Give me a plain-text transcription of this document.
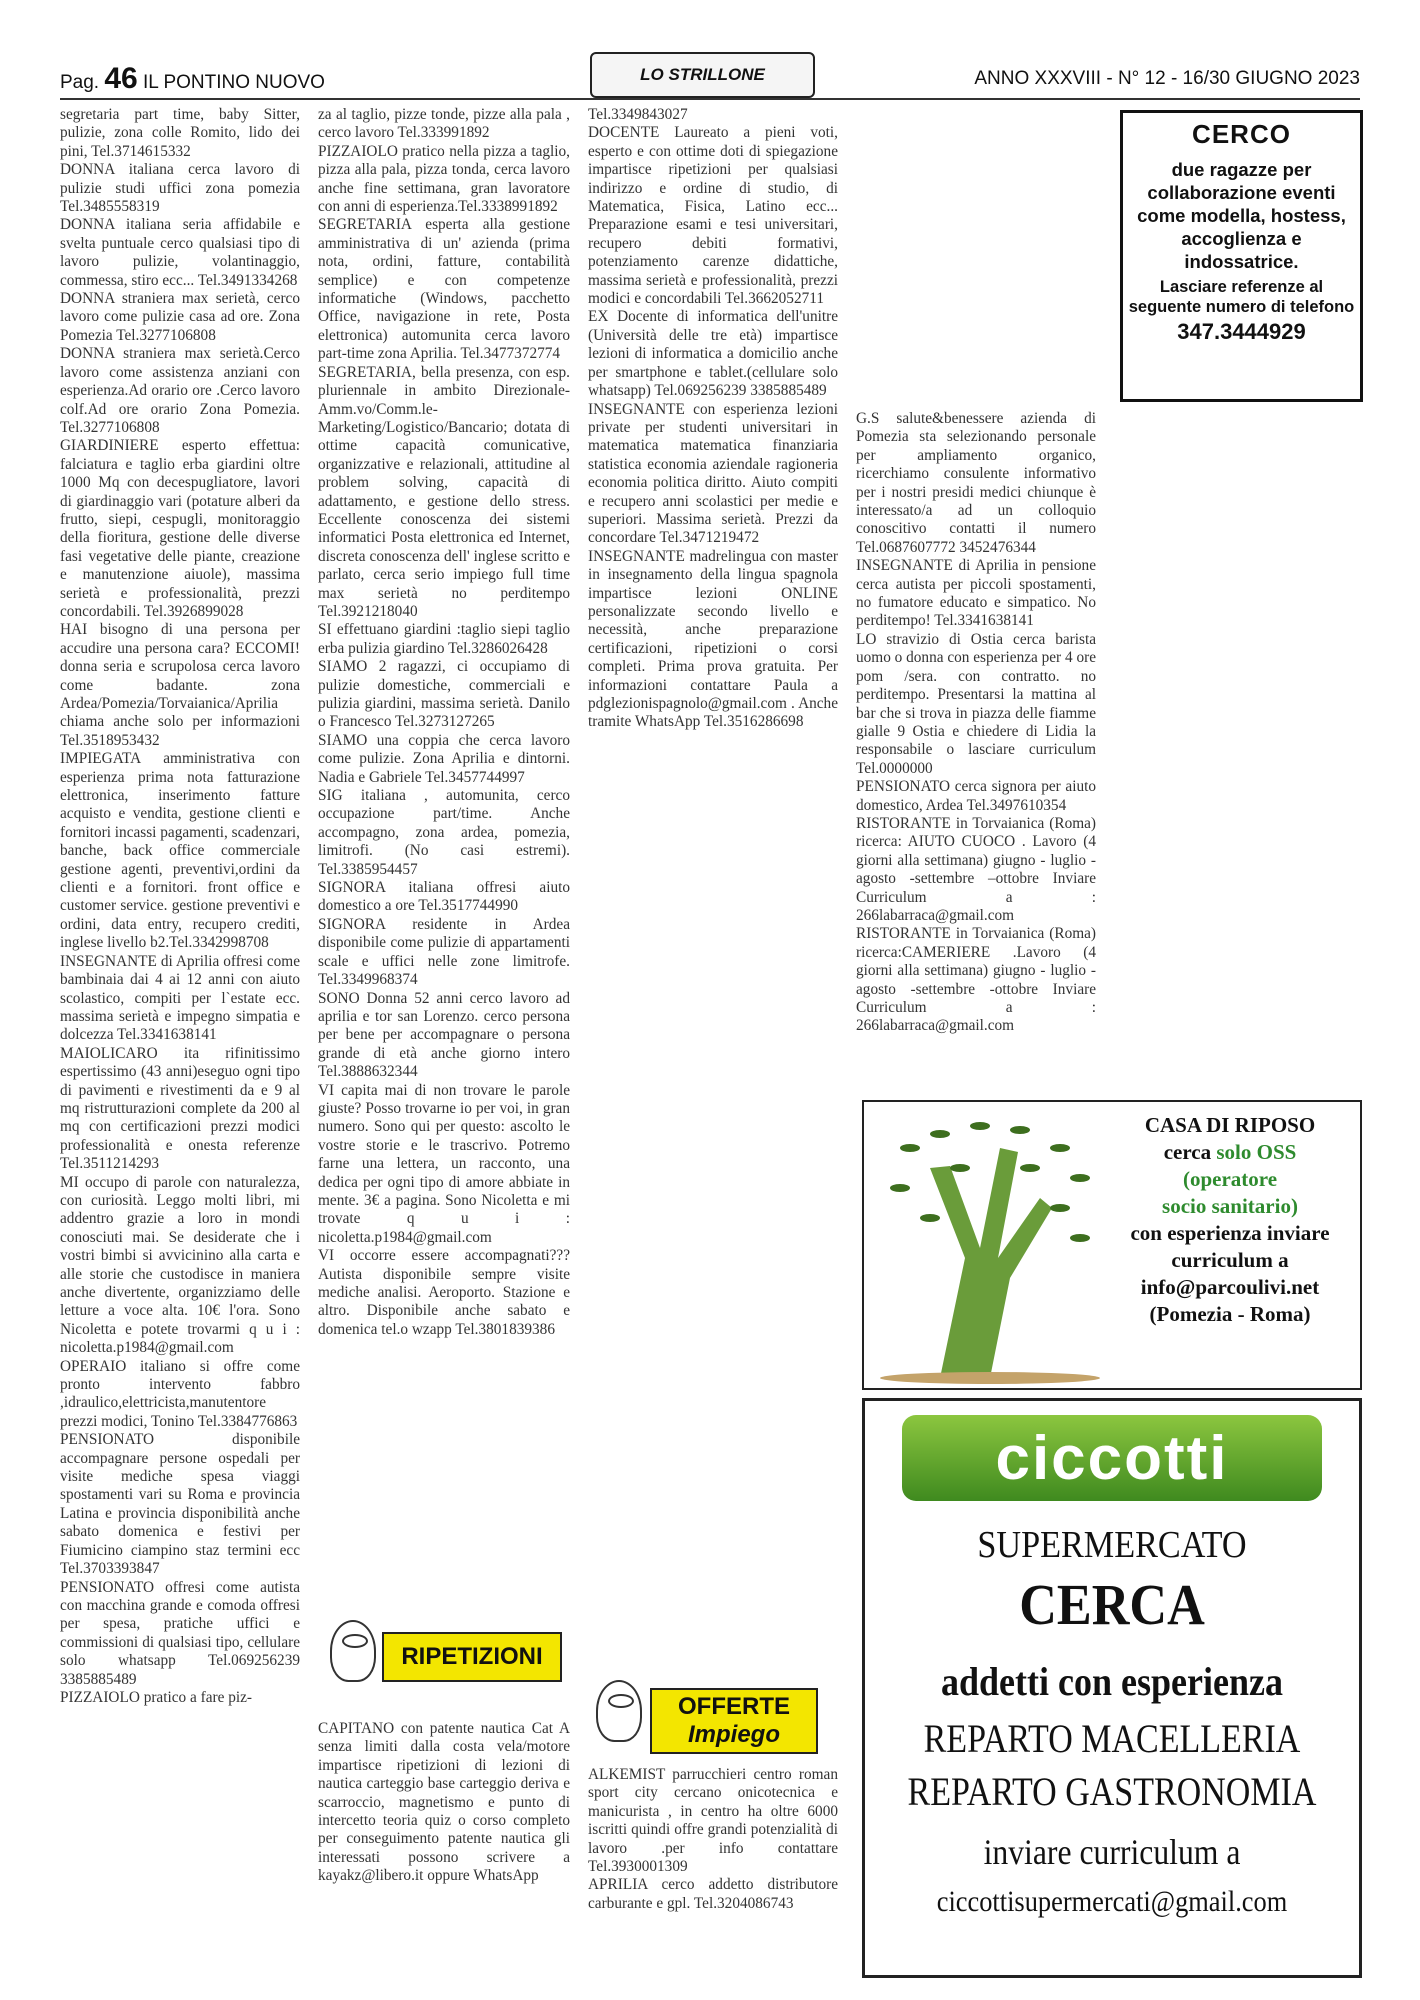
Pag. 46 IL PONTINO NUOVO	LO STRILLONE	ANNO XXXVIII - N° 12 - 16/30 GIUGNO 2023

segretaria part time, baby Sitter, pulizie, zona colle Romito, lido dei pini, Tel.3714615332

DONNA italiana cerca lavoro di pulizie studi uffici zona pomezia Tel.3485558319

DONNA italiana seria affidabile e svelta puntuale cerco qualsiasi tipo di lavoro pulizie, volantinaggio, commessa, stiro ecc... Tel.3491334268

DONNA straniera max serietà, cerco lavoro come pulizie casa ad ore. Zona Pomezia Tel.3277106808

DONNA straniera max serietà.Cerco lavoro come assistenza anziani con esperienza.Ad orario ore .Cerco lavoro colf.Ad ore orario Zona Pomezia. Tel.3277106808

GIARDINIERE esperto effettua: falciatura e taglio erba giardini oltre 1000 Mq con decespugliatore, lavori di giardinaggio vari (potature alberi da frutto, siepi, cespugli, monitoraggio della fioritura, gestione delle diverse fasi vegetative delle piante, creazione e manutenzione aiuole), massima serietà e professionalità, prezzi concordabili. Tel.3926899028

HAI bisogno di una persona per accudire una persona cara? ECCOMI! donna seria e scrupolosa cerca lavoro come badante. zona Ardea/Pomezia/Torvaianica/Aprilia chiama anche solo per informazioni Tel.3518953432

IMPIEGATA amministrativa con esperienza prima nota fatturazione elettronica, inserimento fatture acquisto e vendita, gestione clienti e fornitori incassi pagamenti, scadenzari, banche, back office commerciale gestione agenti, preventivi,ordini da clienti e a fornitori. front office e customer service. gestione preventivi e ordini, data entry, recupero crediti, inglese livello b2.Tel.3342998708

INSEGNANTE di Aprilia offresi come bambinaia dai 4 ai 12 anni con aiuto scolastico, compiti per l`estate ecc. massima serietà e impegno simpatia e dolcezza Tel.3341638141

MAIOLICARO ita rifinitissimo espertissimo (43 anni)eseguo ogni tipo di pavimenti e rivestimenti da e 9 al mq ristrutturazioni complete da 200 al mq con certificazioni prezzi modici professionalità e onesta referenze Tel.3511214293

MI occupo di parole con naturalezza, con curiosità. Leggo molti libri, mi addentro grazie a loro in mondi conosciuti mai. Se desiderate che i vostri bimbi si avvicinino alla carta e alle storie che custodisce in maniera anche divertente, organizziamo delle letture a voce alta. 10€ l'ora. Sono Nicoletta e potete trovarmi q u i : nicoletta.p1984@gmail.com

OPERAIO italiano si offre come pronto intervento fabbro ,idraulico,elettricista,manutentore prezzi modici, Tonino Tel.3384776863

PENSIONATO disponibile accompagnare persone ospedali per visite mediche spesa viaggi spostamenti vari su Roma e provincia Latina e provincia disponibilità anche sabato domenica e festivi per Fiumicino ciampino staz termini ecc Tel.3703393847

PENSIONATO offresi come autista con macchina grande e comoda offresi per spesa, pratiche uffici e commissioni di qualsiasi tipo, cellulare solo whatsapp Tel.069256239 3385885489

PIZZAIOLO pratico a fare piz-

za al taglio, pizze tonde, pizze alla pala , cerco lavoro Tel.333991892

PIZZAIOLO pratico nella pizza a taglio, pizza alla pala, pizza tonda, cerca lavoro anche fine settimana, gran lavoratore con anni di esperienza.Tel.3338991892

SEGRETARIA esperta alla gestione amministrativa di un' azienda (prima nota, ordini, fatture, contabilità semplice) e con competenze informatiche (Windows, pacchetto Office, navigazione in rete, Posta elettronica) automunita cerca lavoro part-time zona Aprilia. Tel.3477372774

SEGRETARIA, bella presenza, con esp. pluriennale in ambito Direzionale-Amm.vo/Comm.le-Marketing/Logistico/Bancario; dotata di ottime capacità comunicative, organizzative e relazionali, attitudine al problem solving, capacità di adattamento, e gestione dello stress. Eccellente conoscenza dei sistemi informatici Posta elettronica ed Internet, discreta conoscenza dell' inglese scritto e parlato, cerca serio impiego full time max serietà no perditempo Tel.3921218040

SI effettuano giardini :taglio siepi taglio erba pulizia giardino Tel.3286026428

SIAMO 2 ragazzi, ci occupiamo di pulizie domestiche, commerciali e pulizia giardini, massima serietà. Danilo o Francesco Tel.3273127265

SIAMO una coppia che cerca lavoro come pulizie. Zona Aprilia e dintorni. Nadia e Gabriele Tel.3457744997

SIG italiana , automunita, cerco occupazione part/time. Anche accompagno, zona ardea, pomezia, limitrofi. (No casi estremi). Tel.3385954457

SIGNORA italiana offresi aiuto domestico a ore Tel.3517744990

SIGNORA residente in Ardea disponibile come pulizie di appartamenti scale e uffici nelle zone limitrofe. Tel.3349968374

SONO Donna 52 anni cerco lavoro ad aprilia e tor san Lorenzo. cerco persona per bene per accompagnare o persona grande di età anche giorno intero Tel.3888632344

VI capita mai di non trovare le parole giuste? Posso trovarne io per voi, in gran numero. Sono qui per questo: ascolto le vostre storie e le trascrivo. Potremo farne una lettera, un racconto, una dedica per ogni tipo di amore abbiate in mente. 3€ a pagina. Sono Nicoletta e mi trovate q u i : nicoletta.p1984@gmail.com

VI occorre essere accompagnati??? Autista disponibile sempre visite mediche analisi. Aeroporto. Stazione e altro. Disponibile anche sabato e domenica tel.o wzapp Tel.3801839386

RIPETIZIONI

CAPITANO con patente nautica Cat A senza limiti dalla costa vela/motore impartisce ripetizioni di lezioni di nautica carteggio base carteggio deriva e scarroccio, magnetismo e punto di intercetto teoria quiz o corso completo per conseguimento patente nautica gli interessati possono scrivere a kayakz@libero.it oppure WhatsApp

Tel.3349843027

DOCENTE Laureato a pieni voti, esperto e con ottime doti di spiegazione impartisce ripetizioni per qualsiasi indirizzo e ordine di studio, di Matematica, Fisica, Latino ecc... Preparazione esami e tesi universitari, recupero debiti formativi, potenziamento carenze didattiche, massima serietà e professionalità, prezzi modici e concordabili Tel.3662052711

EX Docente di informatica dell'unitre (Università delle tre età) impartisce lezioni di informatica a domicilio anche per smartphone e tablet.(cellulare solo whatsapp) Tel.069256239 3385885489

INSEGNANTE con esperienza lezioni private per studenti universitari in matematica matematica finanziaria statistica economia aziendale ragioneria economia politica diritto. Aiuto compiti e recupero anni scolastici per medie e superiori. Massima serietà. Prezzi da concordare Tel.3471219472

INSEGNANTE madrelingua con master in insegnamento della lingua spagnola impartisce lezioni ONLINE personalizzate secondo livello e necessità, anche preparazione certificazioni, ripetizioni o corsi completi. Prima prova gratuita. Per informazioni contattare Paula a pdglezionispagnolo@gmail.com . Anche tramite WhatsApp Tel.3516286698

OFFERTE
Impiego

ALKEMIST parrucchieri centro roman sport city cercano onicotecnica e manicurista , in centro ha oltre 6000 iscritti quindi offre grandi potenzialità di lavoro .per info contattare Tel.3930001309

APRILIA cerco addetto distributore carburante e gpl. Tel.3204086743

CERCO
due ragazze per collaborazione eventi come modella, hostess, accoglienza e indossatrice.
Lasciare referenze al seguente numero di telefono
347.3444929

G.S salute&benessere azienda di Pomezia sta selezionando personale per ampliamento organico, ricerchiamo consulente informativo per i nostri presidi medici chiunque è interessato/a ad un colloquio conoscitivo contatti il numero Tel.0687607772 3452476344

INSEGNANTE di Aprilia in pensione cerca autista per piccoli spostamenti, no fumatore educato e simpatico. No perditempo! Tel.3341638141

LO stravizio di Ostia cerca barista uomo o donna con esperienza per 4 ore pom /sera. con contratto. no perditempo. Presentarsi la mattina al bar che si trova in piazza delle fiamme gialle 9 Ostia e chiedere di Lidia la responsabile o lasciare curriculum Tel.0000000

PENSIONATO cerca signora per aiuto domestico, Ardea Tel.3497610354

RISTORANTE in Torvaianica (Roma) ricerca: AIUTO CUOCO . Lavoro (4 giorni alla settimana) giugno - luglio - agosto -settembre –ottobre Inviare Curriculum a : 266labarraca@gmail.com

RISTORANTE in Torvaianica (Roma) ricerca:CAMERIERE .Lavoro (4 giorni alla settimana) giugno - luglio - agosto -settembre -ottobre Inviare Curriculum a : 266labarraca@gmail.com

CASA DI RIPOSO
cerca solo OSS
(operatore
socio sanitario)
con esperienza inviare
curriculum a
info@parcoulivi.net
(Pomezia - Roma)
ciccotti
SUPERMERCATO
CERCA
addetti con esperienza
REPARTO MACELLERIA
REPARTO GASTRONOMIA
inviare curriculum a
ciccottisupermercati@gmail.com
